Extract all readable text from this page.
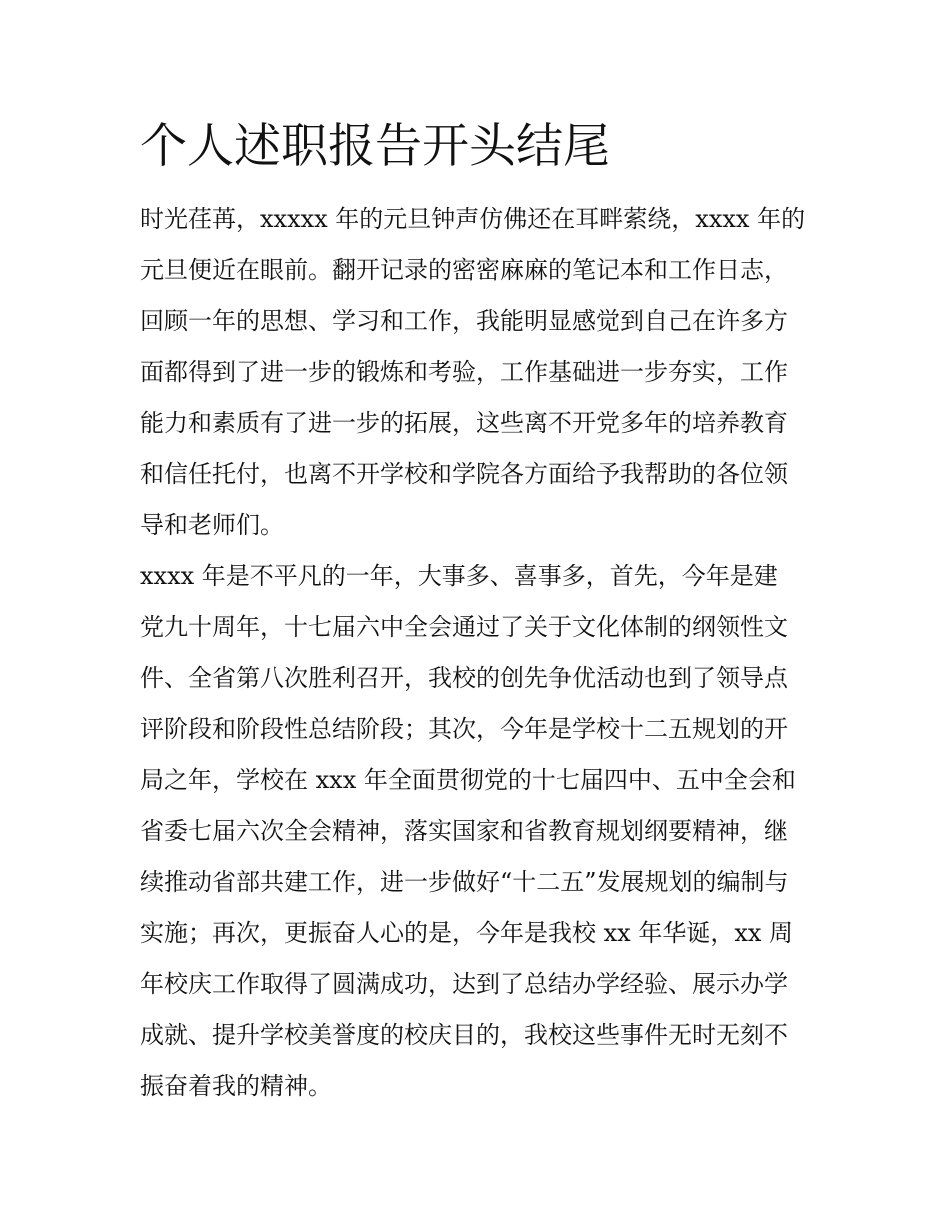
个人述职报告开头结尾

时光荏苒，xxxxx 年的元旦钟声仿佛还在耳畔萦绕，xxxx 年的
元旦便近在眼前。翻开记录的密密麻麻的笔记本和工作日志，
回顾一年的思想、学习和工作，我能明显感觉到自己在许多方
面都得到了进一步的锻炼和考验，工作基础进一步夯实，工作
能力和素质有了进一步的拓展，这些离不开党多年的培养教育
和信任托付，也离不开学校和学院各方面给予我帮助的各位领
导和老师们。

xxxx 年是不平凡的一年，大事多、喜事多，首先，今年是建
党九十周年，十七届六中全会通过了关于文化体制的纲领性文
件、全省第八次胜利召开，我校的创先争优活动也到了领导点
评阶段和阶段性总结阶段；其次，今年是学校十二五规划的开
局之年，学校在 xxx 年全面贯彻党的十七届四中、五中全会和
省委七届六次全会精神，落实国家和省教育规划纲要精神，继
续推动省部共建工作，进一步做好“十二五”发展规划的编制与
实施；再次，更振奋人心的是，今年是我校 xx 年华诞，xx 周
年校庆工作取得了圆满成功，达到了总结办学经验、展示办学
成就、提升学校美誉度的校庆目的，我校这些事件无时无刻不
振奋着我的精神。
